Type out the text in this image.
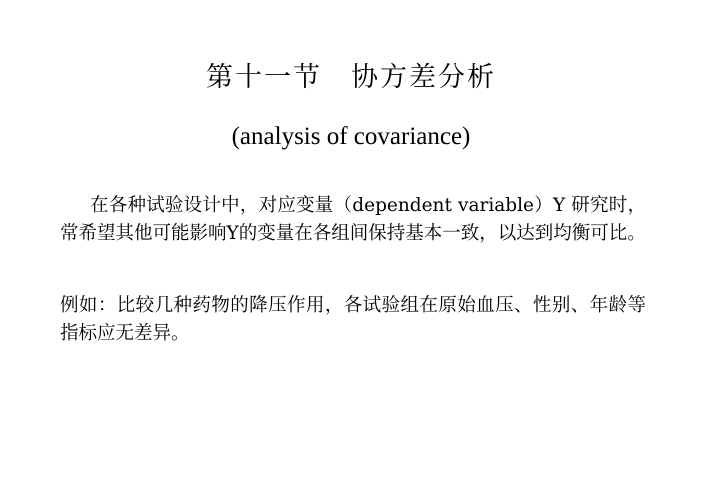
第十一节　协方差分析
(analysis of covariance)
在各种试验设计中，对应变量（dependent variable）Y 研究时，常希望其他可能影响Y的变量在各组间保持基本一致，以达到均衡可比。
例如：比较几种药物的降压作用，各试验组在原始血压、性别、年龄等指标应无差异。
